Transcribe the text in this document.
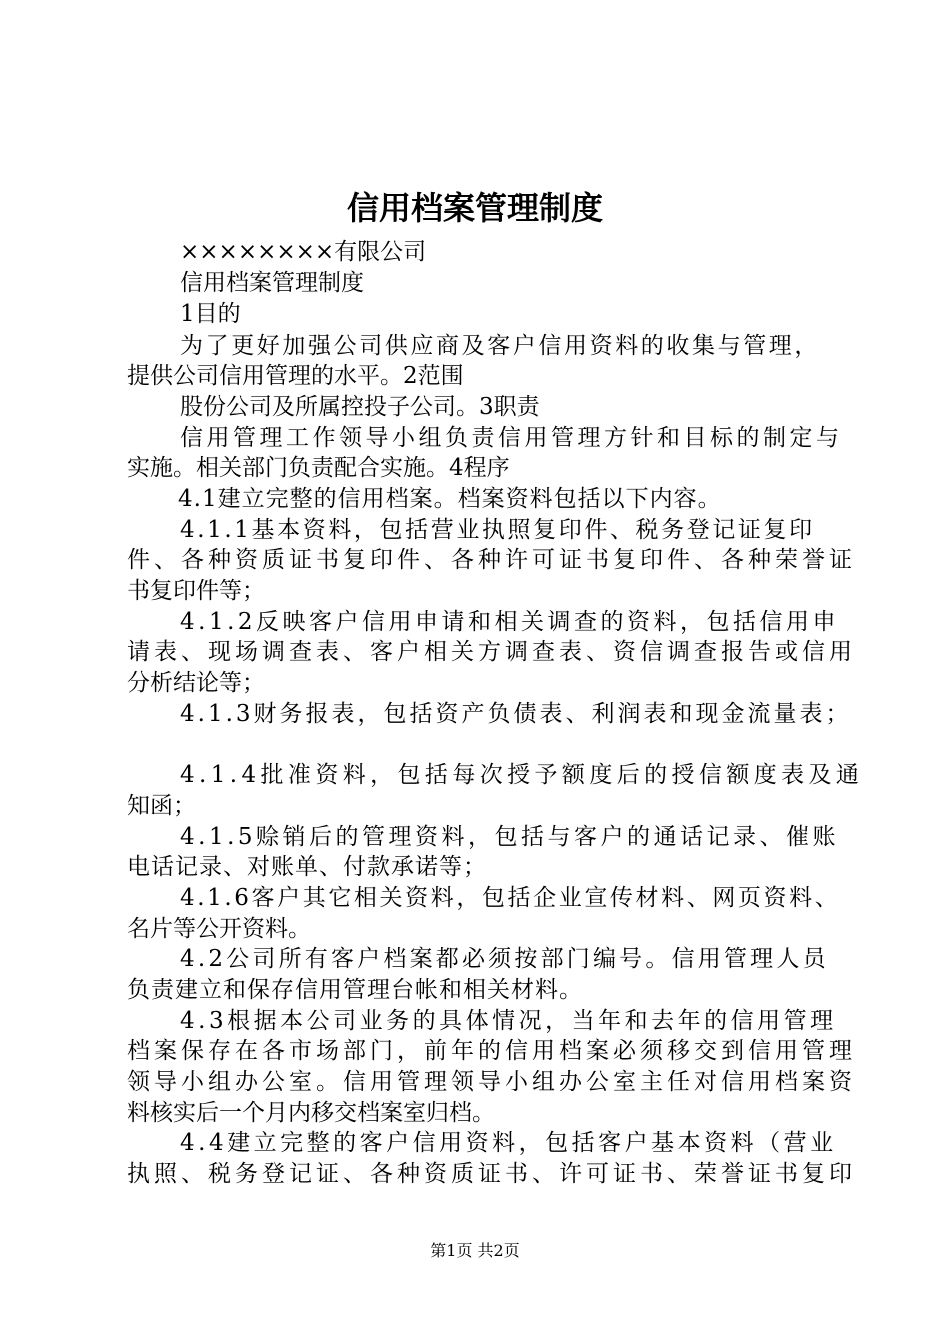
信用档案管理制度

××××××××有限公司

信用档案管理制度

1目的

为了更好加强公司供应商及客户信用资料的收集与管理，

提供公司信用管理的水平。2范围

股份公司及所属控投子公司。3职责

信用管理工作领导小组负责信用管理方针和目标的制定与

实施。相关部门负责配合实施。4程序

4.1建立完整的信用档案。档案资料包括以下内容。

4.1.1基本资料，包括营业执照复印件、税务登记证复印

件、各种资质证书复印件、各种许可证书复印件、各种荣誉证

书复印件等；

4.1.2反映客户信用申请和相关调查的资料，包括信用申

请表、现场调查表、客户相关方调查表、资信调查报告或信用

分析结论等；

4.1.3财务报表，包括资产负债表、利润表和现金流量表；

4.1.4批准资料，包括每次授予额度后的授信额度表及通

知函；

4.1.5赊销后的管理资料，包括与客户的通话记录、催账

电话记录、对账单、付款承诺等；

4.1.6客户其它相关资料，包括企业宣传材料、网页资料、

名片等公开资料。

4.2公司所有客户档案都必须按部门编号。信用管理人员

负责建立和保存信用管理台帐和相关材料。

4.3根据本公司业务的具体情况，当年和去年的信用管理

档案保存在各市场部门，前年的信用档案必须移交到信用管理

领导小组办公室。信用管理领导小组办公室主任对信用档案资

料核实后一个月内移交档案室归档。

4.4建立完整的客户信用资料，包括客户基本资料（营业

执照、税务登记证、各种资质证书、许可证书、荣誉证书复印

第1页 共2页
